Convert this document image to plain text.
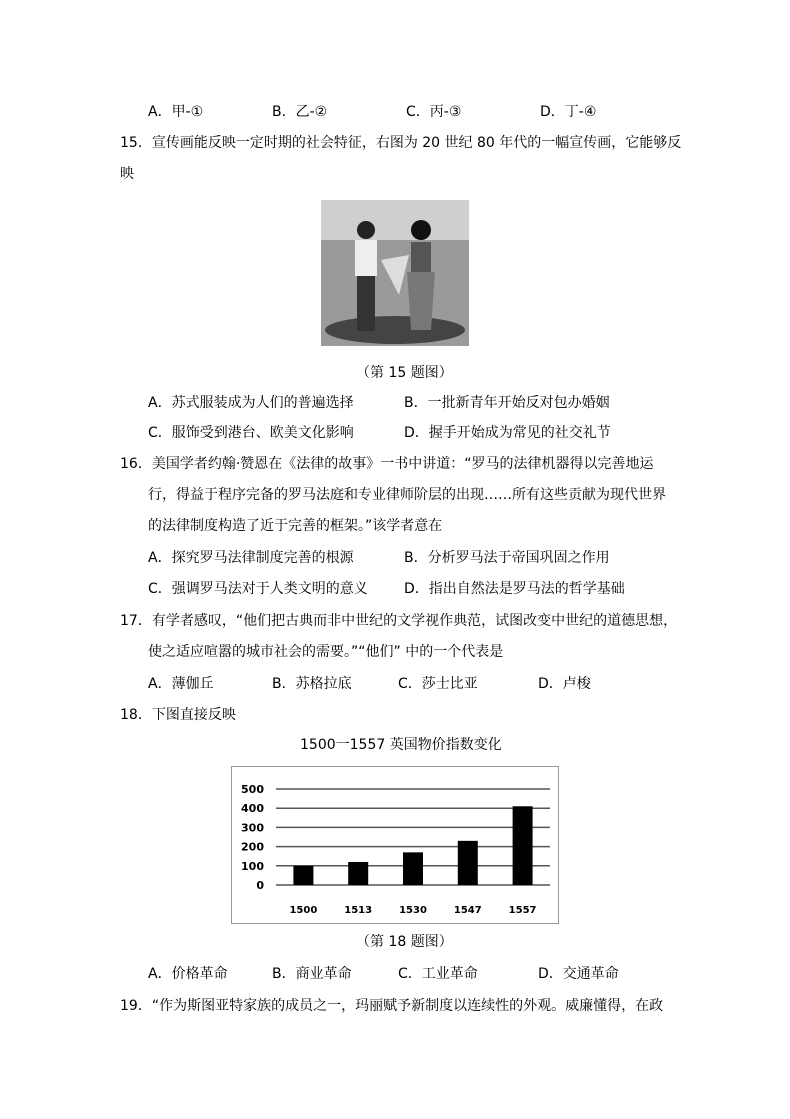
A．甲-①	B．乙-②	C．丙-③	D．丁-④
15．宣传画能反映一定时期的社会特征，右图为 20 世纪 80 年代的一幅宣传画，它能够反
映
（第 15 题图）
A．苏式服装成为人们的普遍选择	B．一批新青年开始反对包办婚姻
C．服饰受到港台、欧美文化影响	D．握手开始成为常见的社交礼节
16．美国学者约翰·赞恩在《法律的故事》一书中讲道：“罗马的法律机器得以完善地运
行，得益于程序完备的罗马法庭和专业律师阶层的出现……所有这些贡献为现代世界
的法律制度构造了近于完善的框架。”该学者意在
A．探究罗马法律制度完善的根源	B．分析罗马法于帝国巩固之作用
C．强调罗马法对于人类文明的意义	D．指出自然法是罗马法的哲学基础
17．有学者感叹，“他们把古典而非中世纪的文学视作典范，试图改变中世纪的道德思想，
使之适应喧嚣的城市社会的需要。”“他们” 中的一个代表是
A．薄伽丘	B．苏格拉底	C．莎士比亚	D．卢梭
18．下图直接反映
1500一1557 英国物价指数变化
0
100
200
300
400
500
1500	1513	1530	1547	1557
（第 18 题图）
A．价格革命	B．商业革命	C．工业革命	D．交通革命
19．“作为斯图亚特家族的成员之一，玛丽赋予新制度以连续性的外观。威廉懂得，在政
